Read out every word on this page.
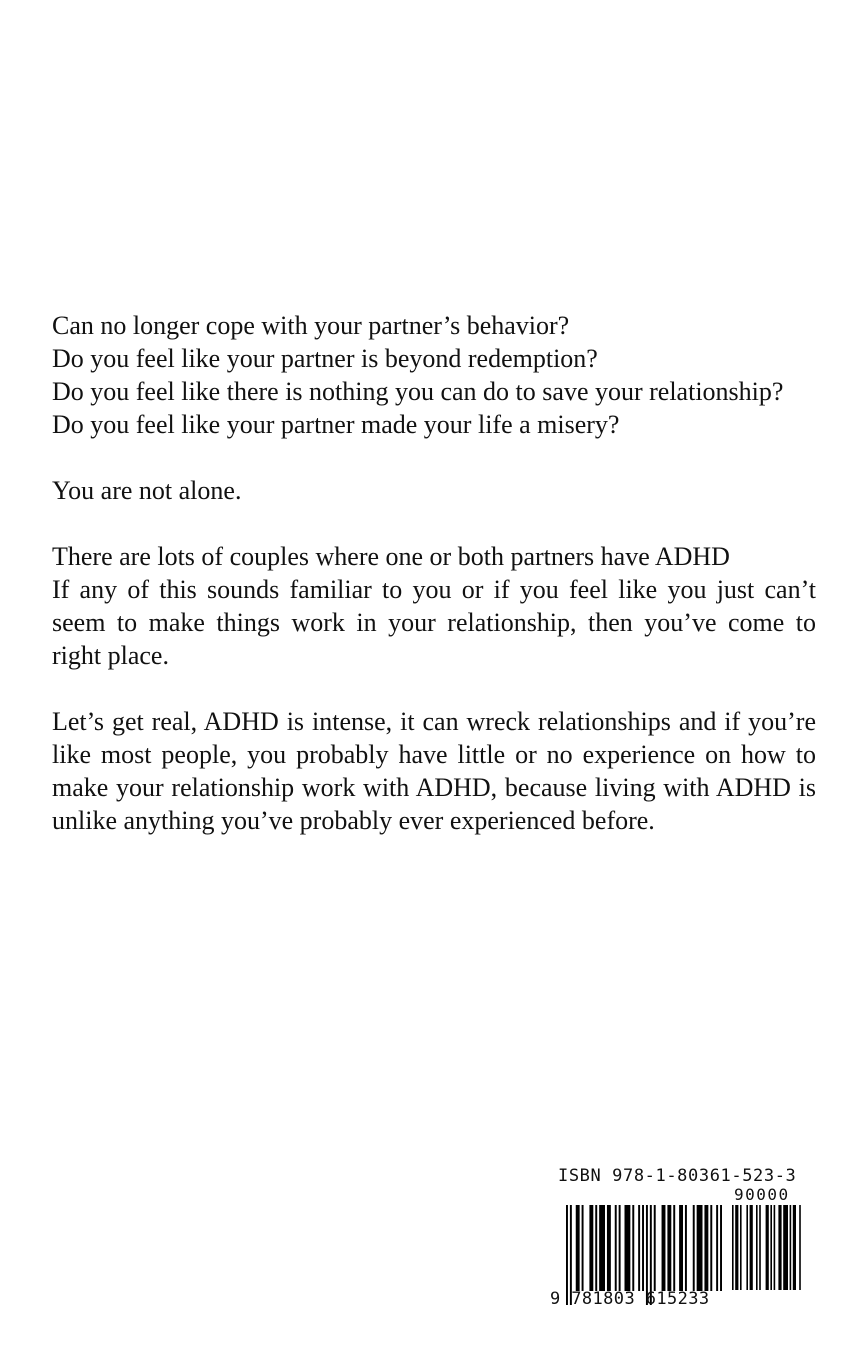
Can no longer cope with your partner’s behavior?

Do you feel like your partner is beyond redemption?

Do you feel like there is nothing you can do to save your relationship?

Do you feel like your partner made your life a misery?

You are not alone.

There are lots of couples where one or both partners have ADHD

If any of this sounds familiar to you or if you feel like you just can’t seem to make things work in your relationship, then you’ve come to right place.

Let’s get real, ADHD is intense, it can wreck relationships and if you’re like most people, you probably have little or no experience on how to make your relationship work with ADHD, because living with ADHD is unlike anything you’ve probably ever experienced before.

ISBN 978-1-80361-523-3
90000
9 781803 615233
